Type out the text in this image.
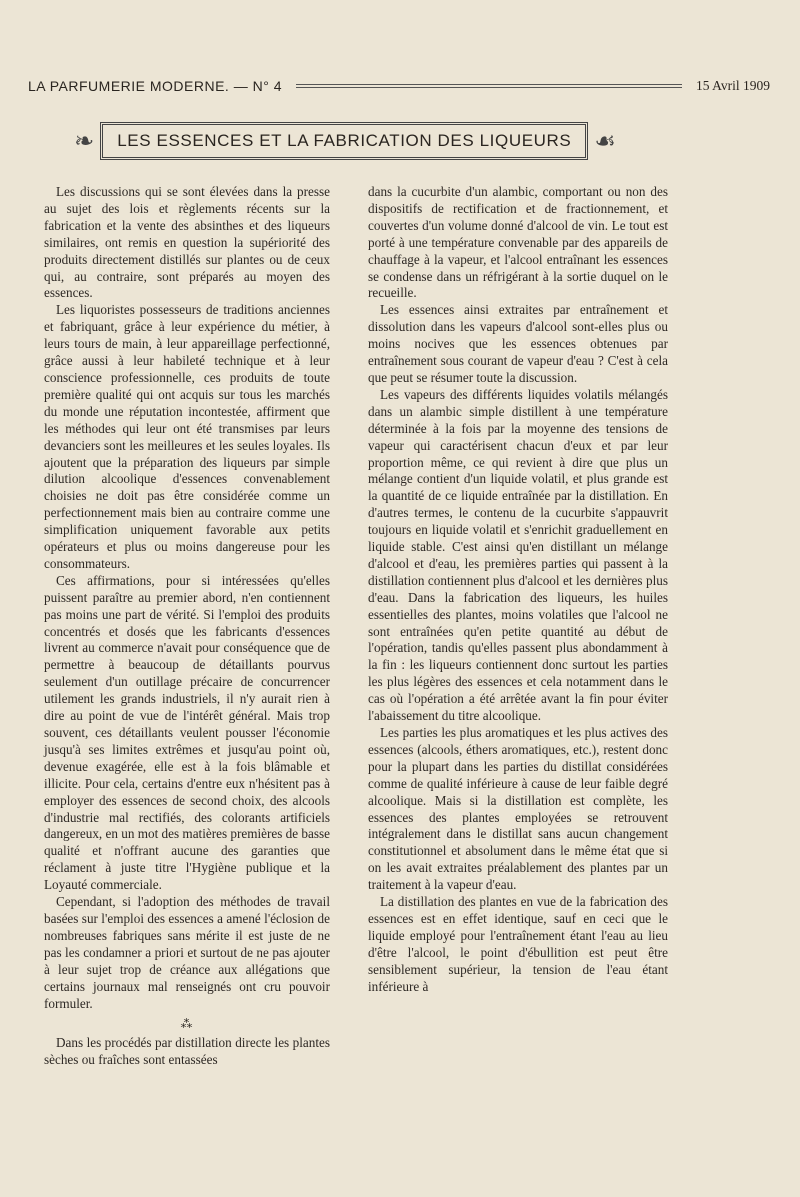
LA PARFUMERIE MODERNE. — N° 4	15 Avril 1909
❧	LES ESSENCES ET LA FABRICATION DES LIQUEURS ☙

Les discussions qui se sont élevées dans la presse au sujet des lois et règlements récents sur la fabrication et la vente des absinthes et des liqueurs similaires, ont remis en question la supériorité des produits directement distillés sur plantes ou de ceux qui, au contraire, sont préparés au moyen des essences.

Les liquoristes possesseurs de traditions anciennes et fabriquant, grâce à leur expérience du métier, à leurs tours de main, à leur appareillage perfectionné, grâce aussi à leur habileté technique et à leur conscience professionnelle, ces produits de toute première qualité qui ont acquis sur tous les marchés du monde une réputation incontestée, affirment que les méthodes qui leur ont été transmises par leurs devanciers sont les meilleures et les seules loyales. Ils ajoutent que la préparation des liqueurs par simple dilution alcoolique d'essences convenablement choisies ne doit pas être considérée comme un perfectionnement mais bien au contraire comme une simplification uniquement favorable aux petits opérateurs et plus ou moins dangereuse pour les consommateurs.

Ces affirmations, pour si intéressées qu'elles puissent paraître au premier abord, n'en contiennent pas moins une part de vérité. Si l'emploi des produits concentrés et dosés que les fabricants d'essences livrent au commerce n'avait pour conséquence que de permettre à beaucoup de détaillants pourvus seulement d'un outillage précaire de concurrencer utilement les grands industriels, il n'y aurait rien à dire au point de vue de l'intérêt général. Mais trop souvent, ces détaillants veulent pousser l'économie jusqu'à ses limites extrêmes et jusqu'au point où, devenue exagérée, elle est à la fois blâmable et illicite. Pour cela, certains d'entre eux n'hésitent pas à employer des essences de second choix, des alcools d'industrie mal rectifiés, des colorants artificiels dangereux, en un mot des matières premières de basse qualité et n'offrant aucune des garanties que réclament à juste titre l'Hygiène publique et la Loyauté commerciale.

Cependant, si l'adoption des méthodes de travail basées sur l'emploi des essences a amené l'éclosion de nombreuses fabriques sans mérite il est juste de ne pas les condamner a priori et surtout de ne pas ajouter à leur sujet trop de créance aux allégations que certains journaux mal renseignés ont cru pouvoir formuler.

⁂

Dans les procédés par distillation directe les plantes sèches ou fraîches sont entassées

dans la cucurbite d'un alambic, comportant ou non des dispositifs de rectification et de fractionnement, et couvertes d'un volume donné d'alcool de vin. Le tout est porté à une température convenable par des appareils de chauffage à la vapeur, et l'alcool entraînant les essences se condense dans un réfrigérant à la sortie duquel on le recueille.

Les essences ainsi extraites par entraînement et dissolution dans les vapeurs d'alcool sont-elles plus ou moins nocives que les essences obtenues par entraînement sous courant de vapeur d'eau ? C'est à cela que peut se résumer toute la discussion.

Les vapeurs des différents liquides volatils mélangés dans un alambic simple distillent à une température déterminée à la fois par la moyenne des tensions de vapeur qui caractérisent chacun d'eux et par leur proportion même, ce qui revient à dire que plus un mélange contient d'un liquide volatil, et plus grande est la quantité de ce liquide entraînée par la distillation. En d'autres termes, le contenu de la cucurbite s'appauvrit toujours en liquide volatil et s'enrichit graduellement en liquide stable. C'est ainsi qu'en distillant un mélange d'alcool et d'eau, les premières parties qui passent à la distillation contiennent plus d'alcool et les dernières plus d'eau. Dans la fabrication des liqueurs, les huiles essentielles des plantes, moins volatiles que l'alcool ne sont entraînées qu'en petite quantité au début de l'opération, tandis qu'elles passent plus abondamment à la fin : les liqueurs contiennent donc surtout les parties les plus légères des essences et cela notamment dans le cas où l'opération a été arrêtée avant la fin pour éviter l'abaissement du titre alcoolique.

Les parties les plus aromatiques et les plus actives des essences (alcools, éthers aromatiques, etc.), restent donc pour la plupart dans les parties du distillat considérées comme de qualité inférieure à cause de leur faible degré alcoolique. Mais si la distillation est complète, les essences des plantes employées se retrouvent intégralement dans le distillat sans aucun changement constitutionnel et absolument dans le même état que si on les avait extraites préalablement des plantes par un traitement à la vapeur d'eau.

La distillation des plantes en vue de la fabrication des essences est en effet identique, sauf en ceci que le liquide employé pour l'entraînement étant l'eau au lieu d'être l'alcool, le point d'ébullition est peut être sensiblement supérieur, la tension de l'eau étant inférieure à
